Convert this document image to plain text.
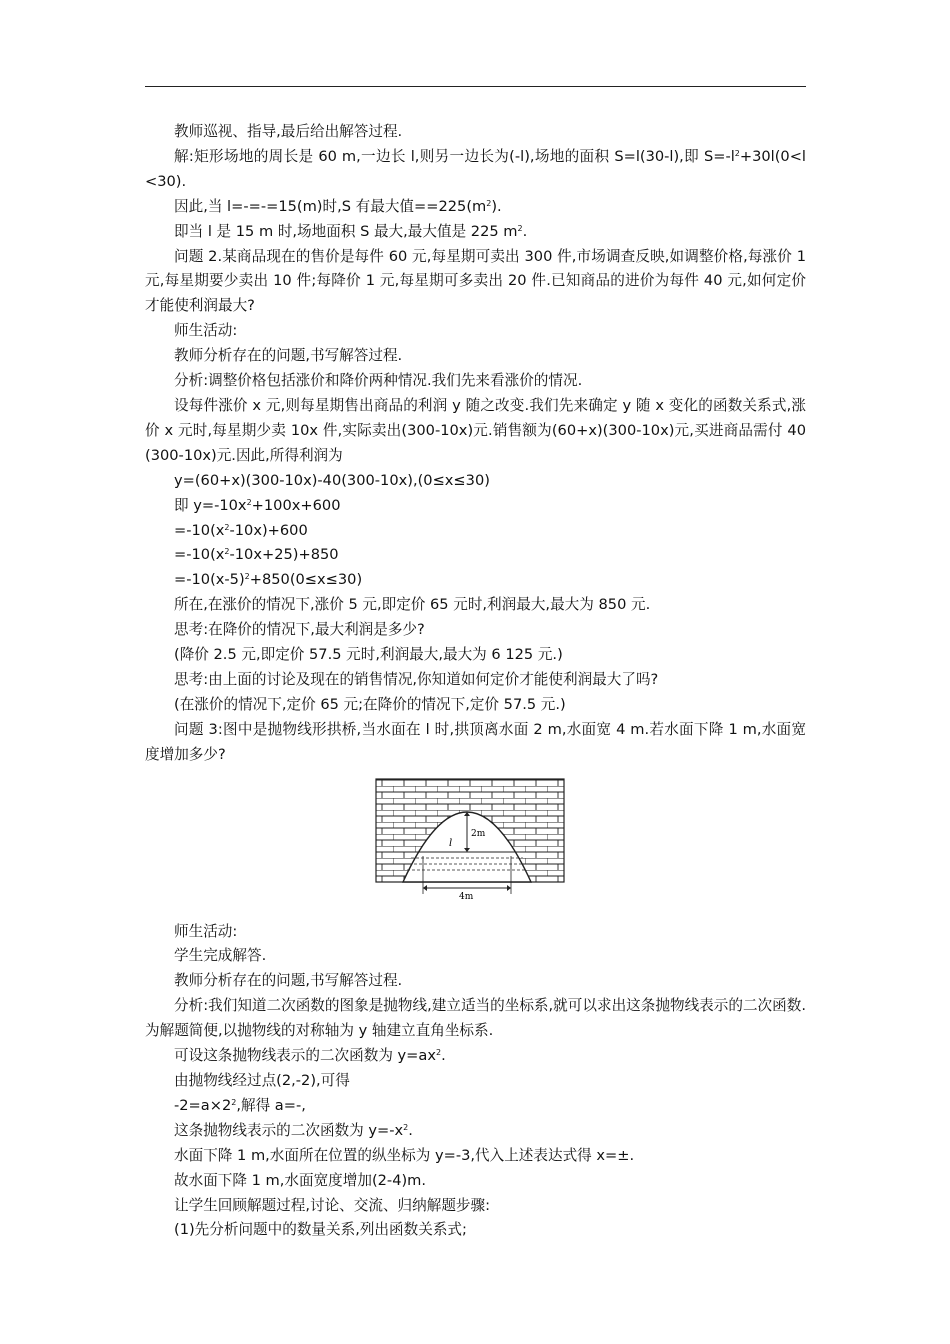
教师巡视、指导,最后给出解答过程.

解:矩形场地的周长是 60 m,一边长 l,则另一边长为(-l),场地的面积 S=l(30-l),即 $S=-l^2+30l(0<l<30)$.

因此,当 l=-=-=15(m)时,S 有最大值$==225(m^2)$.

即当 l 是 15 m 时,场地面积 S 最大,最大值是 225 $m^2$.

问题 2.某商品现在的售价是每件 60 元,每星期可卖出 300 件,市场调查反映,如调整价格,每涨价 1 元,每星期要少卖出 10 件;每降价 1 元,每星期可多卖出 20 件.已知商品的进价为每件 40 元,如何定价才能使利润最大?

师生活动:

教师分析存在的问题,书写解答过程.

分析:调整价格包括涨价和降价两种情况.我们先来看涨价的情况.

设每件涨价 x 元,则每星期售出商品的利润 y 随之改变.我们先来确定 y 随 x 变化的函数关系式,涨价 x 元时,每星期少卖 10x 件,实际卖出(300-10x)元.销售额为(60+x)(300-10x)元,买进商品需付 40(300-10x)元.因此,所得利润为

y=(60+x)(300-10x)-40(300-10x),(0≤x≤30)

即 $y=-10x^2+100x+600$

$=-10(x^2-10x)+600$

$=-10(x^2-10x+25)+850$

$=-10(x-5)^2+850(0\le x\le 30)$

所在,在涨价的情况下,涨价 5 元,即定价 65 元时,利润最大,最大为 850 元.

思考:在降价的情况下,最大利润是多少?

(降价 2.5 元,即定价 57.5 元时,利润最大,最大为 6 125 元.)

思考:由上面的讨论及现在的销售情况,你知道如何定价才能使利润最大了吗?

(在涨价的情况下,定价 65 元;在降价的情况下,定价 57.5 元.)

问题 3:图中是抛物线形拱桥,当水面在 l 时,拱顶离水面 2 m,水面宽 4 m.若水面下降 1 m,水面宽度增加多少?

2m
l
4m

师生活动:

学生完成解答.

教师分析存在的问题,书写解答过程.

分析:我们知道二次函数的图象是抛物线,建立适当的坐标系,就可以求出这条抛物线表示的二次函数.为解题简便,以抛物线的对称轴为 y 轴建立直角坐标系.

可设这条抛物线表示的二次函数为 $y=ax^2$.

由抛物线经过点(2,-2),可得

$-2=a\times 2^2$,解得 a=-,

这条抛物线表示的二次函数为 $y=-x^2$.

水面下降 1 m,水面所在位置的纵坐标为 y=-3,代入上述表达式得 x=±.

故水面下降 1 m,水面宽度增加(2-4)m.

让学生回顾解题过程,讨论、交流、归纳解题步骤:

(1)先分析问题中的数量关系,列出函数关系式;
